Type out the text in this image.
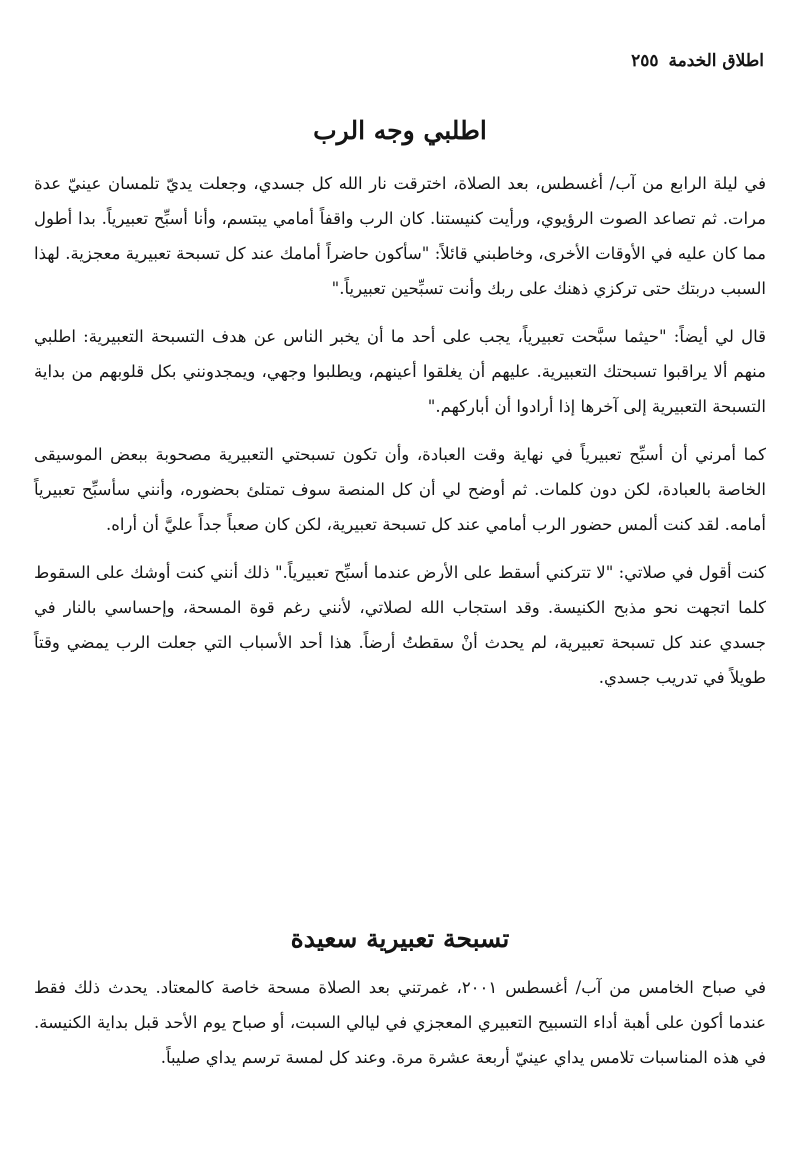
اطلاق الخدمة
٢٥٥
اطلبي وجه الرب

في ليلة الرابع من آب/ أغسطس، بعد الصلاة، اخترقت نار الله كل جسدي، وجعلت يديّ تلمسان عينيّ عدة مرات. ثم تصاعد الصوت الرؤيوي، ورأيت كنيستنا. كان الرب واقفاً أمامي يبتسم، وأنا أسبِّح تعبيرياً. بدا أطول مما كان عليه في الأوقات الأخرى، وخاطبني قائلاً: "سأكون حاضراً أمامك عند كل تسبحة تعبيرية معجزية. لهذا السبب دربتك حتى تركزي ذهنك على ربك وأنت تسبِّحين تعبيرياً."

قال لي أيضاً: "حيثما سبَّحت تعبيرياً، يجب على أحد ما أن يخبر الناس عن هدف التسبحة التعبيرية: اطلبي منهم ألا يراقبوا تسبحتك التعبيرية. عليهم أن يغلقوا أعينهم، ويطلبوا وجهي، ويمجدونني بكل قلوبهم من بداية التسبحة التعبيرية إلى آخرها إذا أرادوا أن أباركهم."

كما أمرني أن أسبِّح تعبيرياً في نهاية وقت العبادة، وأن تكون تسبحتي التعبيرية مصحوبة ببعض الموسيقى الخاصة بالعبادة، لكن دون كلمات. ثم أوضح لي أن كل المنصة سوف تمتلئ بحضوره، وأنني سأسبِّح تعبيرياً أمامه. لقد كنت ألمس حضور الرب أمامي عند كل تسبحة تعبيرية، لكن كان صعباً جداً عليَّ أن أراه.

كنت أقول في صلاتي: "لا تتركني أسقط على الأرض عندما أسبِّح تعبيرياً." ذلك أنني كنت أوشك على السقوط كلما اتجهت نحو مذبح الكنيسة. وقد استجاب الله لصلاتي، لأنني رغم قوة المسحة، وإحساسي بالنار في جسدي عند كل تسبحة تعبيرية، لم يحدث أنْ سقطتُ أرضاً. هذا أحد الأسباب التي جعلت الرب يمضي وقتاً طويلاً في تدريب جسدي.

تسبحة تعبيرية سعيدة

في صباح الخامس من آب/ أغسطس ٢٠٠١، غمرتني بعد الصلاة مسحة خاصة كالمعتاد. يحدث ذلك فقط عندما أكون على أهبة أداء التسبيح التعبيري المعجزي في ليالي السبت، أو صباح يوم الأحد قبل بداية الكنيسة. في هذه المناسبات تلامس يداي عينيّ أربعة عشرة مرة. وعند كل لمسة ترسم يداي صليباً.
